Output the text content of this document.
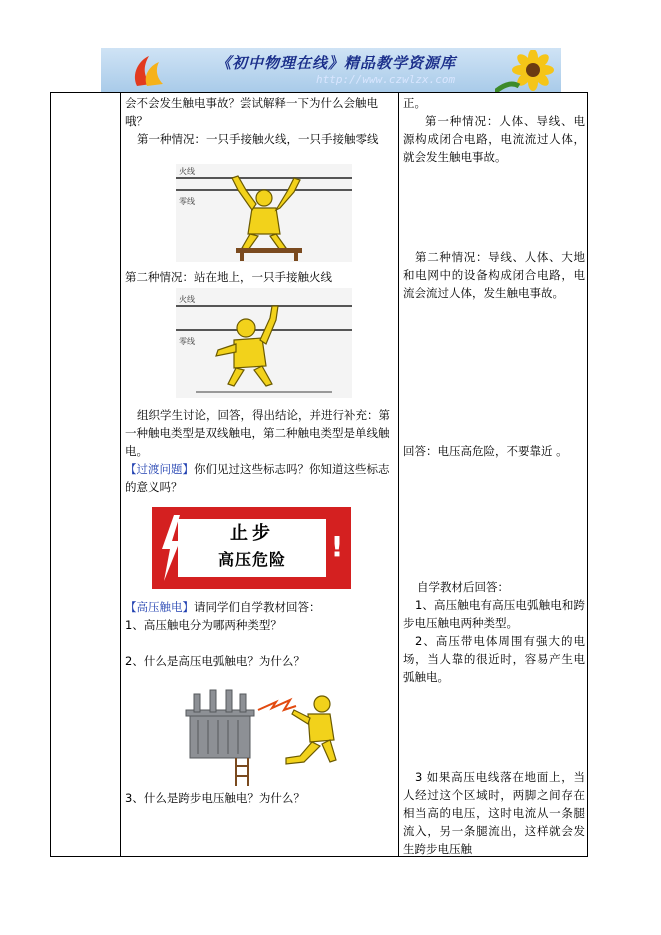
《初中物理在线》精品教学资源库
http://www.czwlzx.com
会不会发生触电事故？尝试解释一下为什么会触电哦？
第一种情况：一只手接触火线，一只手接触零线
火线
零线
第二种情况：站在地上，一只手接触火线
火线
零线
组织学生讨论，回答，得出结论，并进行补充：第一种触电类型是双线触电，第二种触电类型是单线触电。
【过渡问题】你们见过这些标志吗？你知道这些标志的意义吗？
止步
高压危险	!
【高压触电】请同学们自学教材回答：
1、高压触电分为哪两种类型？
2、什么是高压电弧触电？为什么？
3、什么是跨步电压触电？为什么？
正。
第一种情况：人体、导线、电源构成闭合电路，电流流过人体，就会发生触电事故。
第二种情况：导线、人体、大地和电网中的设备构成闭合电路，电流会流过人体，发生触电事故。
回答：电压高危险，不要靠近 。
自学教材后回答：
1、高压触电有高压电弧触电和跨步电压触电两种类型。
2、高压带电体周围有强大的电场，当人靠的很近时，容易产生电弧触电。
3 如果高压电线落在地面上，当人经过这个区域时，两脚之间存在相当高的电压，这时电流从一条腿流入，另一条腿流出，这样就会发生跨步电压触
